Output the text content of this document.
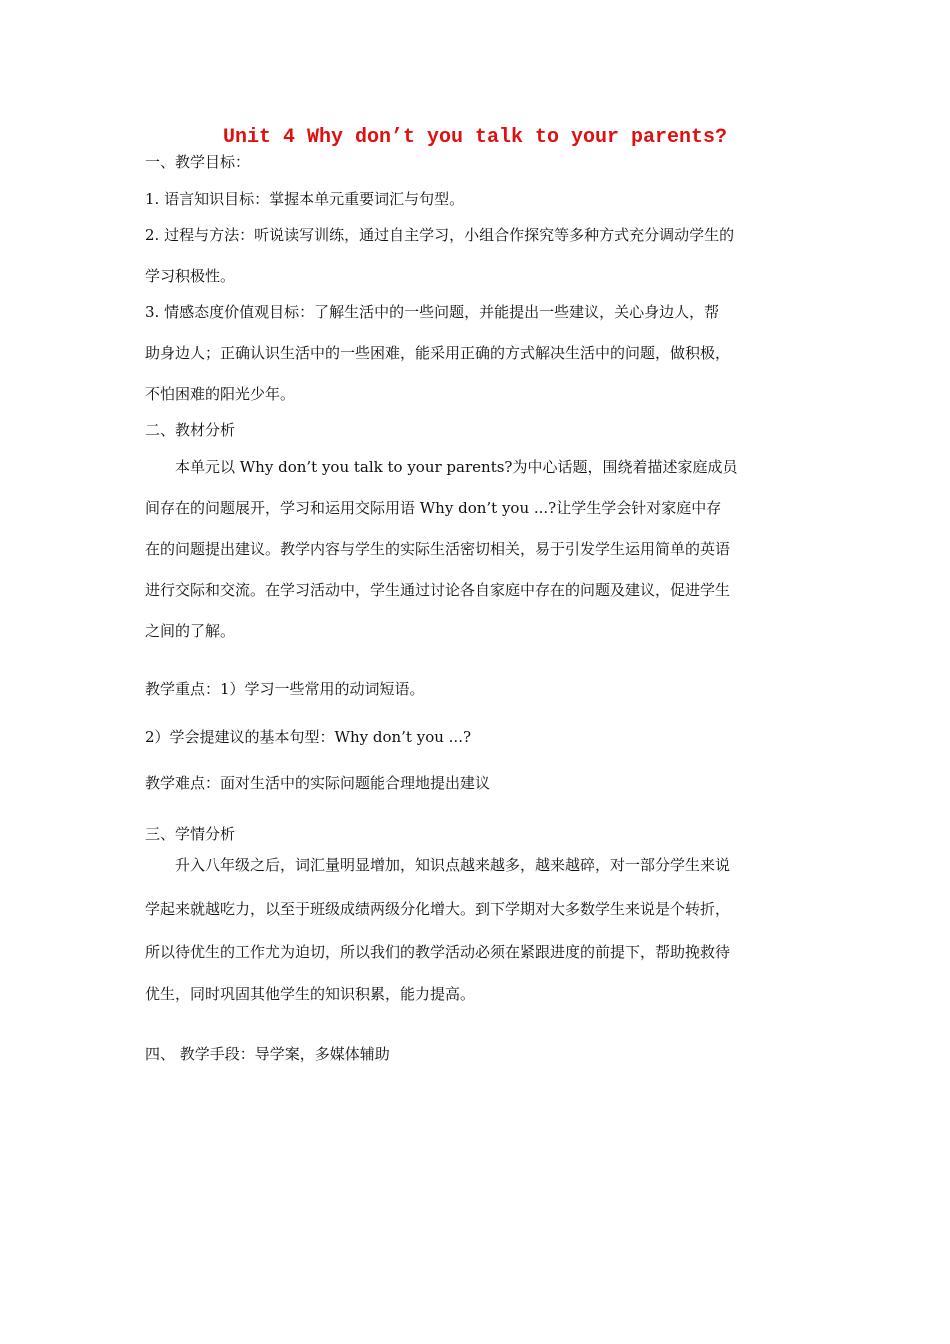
Unit 4 Why don’t you talk to your parents?
一、教学目标：
1. 语言知识目标：掌握本单元重要词汇与句型。
2. 过程与方法：听说读写训练，通过自主学习，小组合作探究等多种方式充分调动学生的
学习积极性。
3. 情感态度价值观目标：了解生活中的一些问题，并能提出一些建议，关心身边人，帮
助身边人；正确认识生活中的一些困难，能采用正确的方式解决生活中的问题，做积极，
不怕困难的阳光少年。
二、教材分析
本单元以 Why don’t you talk to your parents?为中心话题，围绕着描述家庭成员
间存在的问题展开，学习和运用交际用语 Why don’t you ...?让学生学会针对家庭中存
在的问题提出建议。教学内容与学生的实际生活密切相关，易于引发学生运用简单的英语
进行交际和交流。在学习活动中，学生通过讨论各自家庭中存在的问题及建议，促进学生
之间的了解。
教学重点：1）学习一些常用的动词短语。
2）学会提建议的基本句型：Why don’t you ...?
教学难点：面对生活中的实际问题能合理地提出建议
三、学情分析
升入八年级之后，词汇量明显增加，知识点越来越多，越来越碎，对一部分学生来说
学起来就越吃力，以至于班级成绩两级分化增大。到下学期对大多数学生来说是个转折，
所以待优生的工作尤为迫切，所以我们的教学活动必须在紧跟进度的前提下，帮助挽救待
优生，同时巩固其他学生的知识积累，能力提高。
四、 教学手段：导学案，多媒体辅助
